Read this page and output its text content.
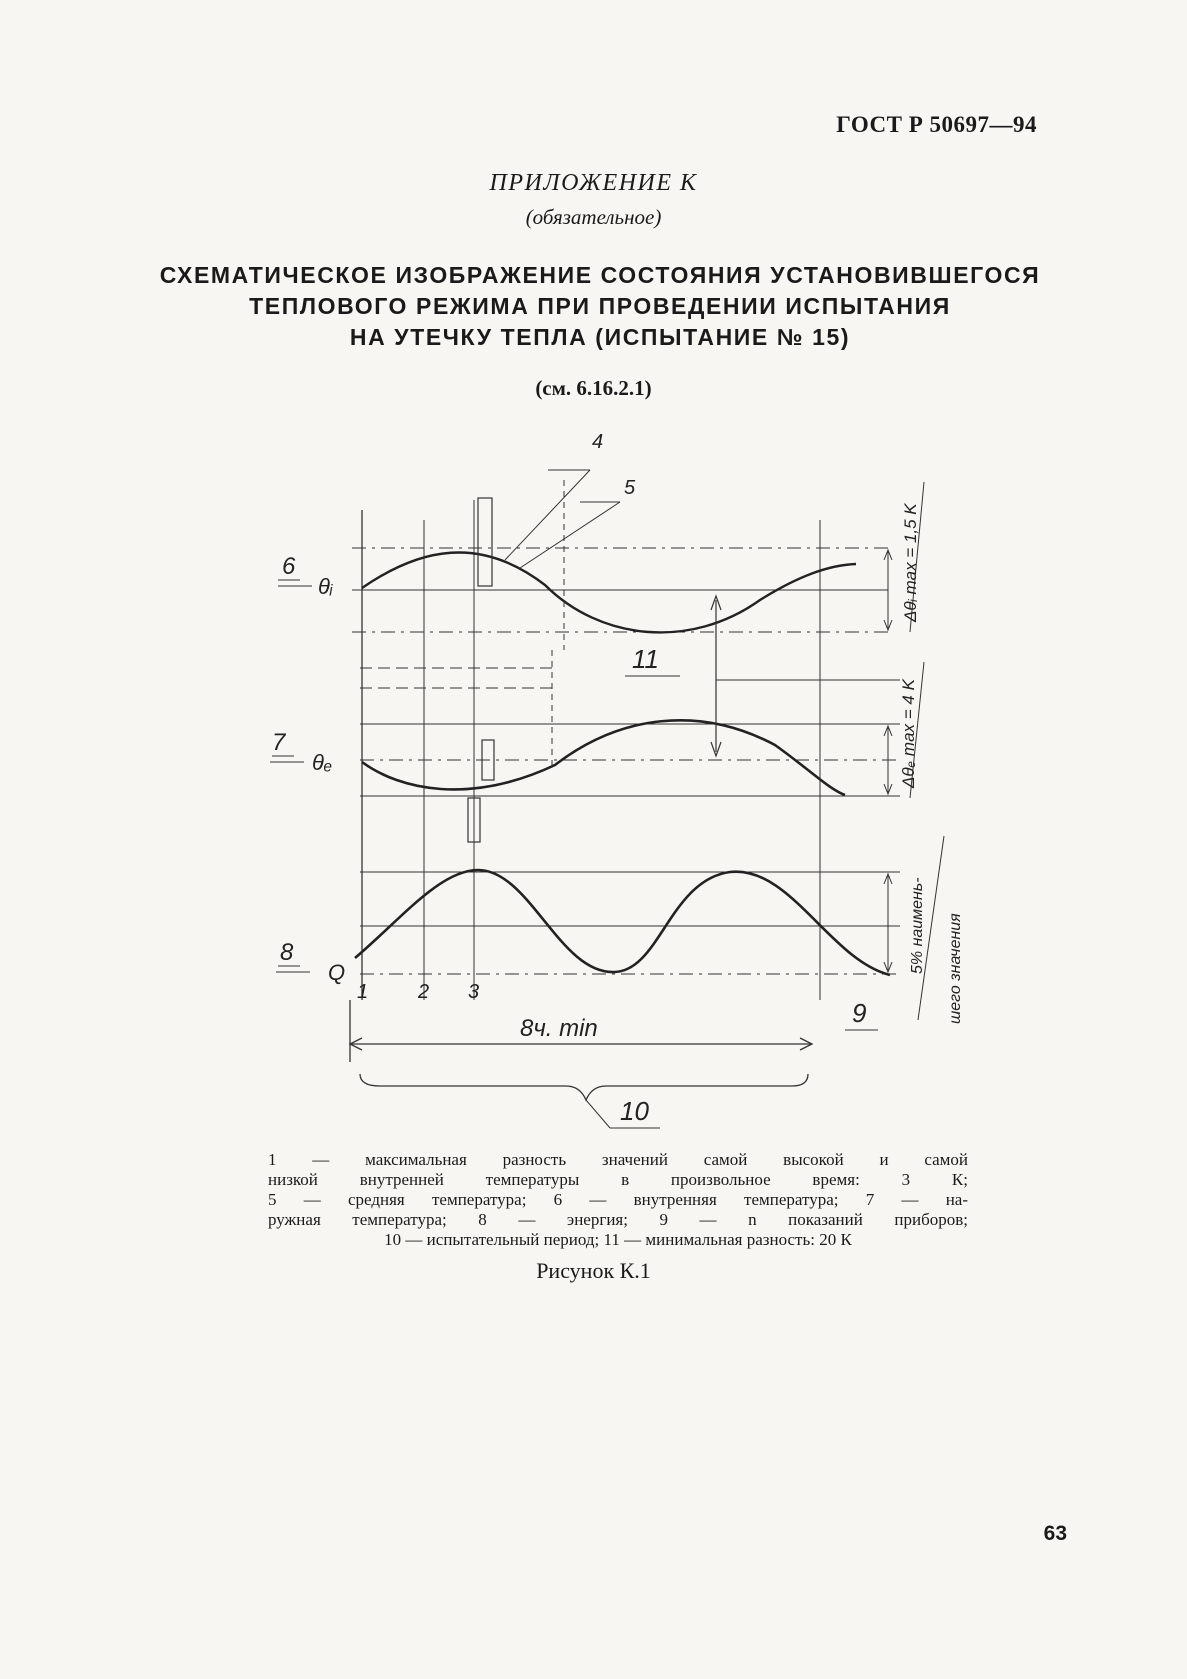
ГОСТ Р 50697—94
ПРИЛОЖЕНИЕ К
(обязательное)
СХЕМАТИЧЕСКОЕ ИЗОБРАЖЕНИЕ СОСТОЯНИЯ УСТАНОВИВШЕГОСЯ
ТЕПЛОВОГО РЕЖИМА ПРИ ПРОВЕДЕНИИ ИСПЫТАНИЯ
НА УТЕЧКУ ТЕПЛА (ИСПЫТАНИЕ № 15)
(см. 6.16.2.1)
6
θᵢ
7
θₑ
8
Q
1 2 3
4
5
11
9
10
8ч. min
Δθᵢ max = 1,5 K
Δθₑ max = 4 K
5% наимень- шего значения
1 — максимальная разность значений самой высокой и самой
низкой внутренней температуры в произвольное время: 3 К;
5 — средняя температура; 6 — внутренняя температура; 7 — на-
ружная температура; 8 — энергия; 9 — n показаний приборов;
10 — испытательный период; 11 — минимальная разность: 20 К
Рисунок К.1
63
